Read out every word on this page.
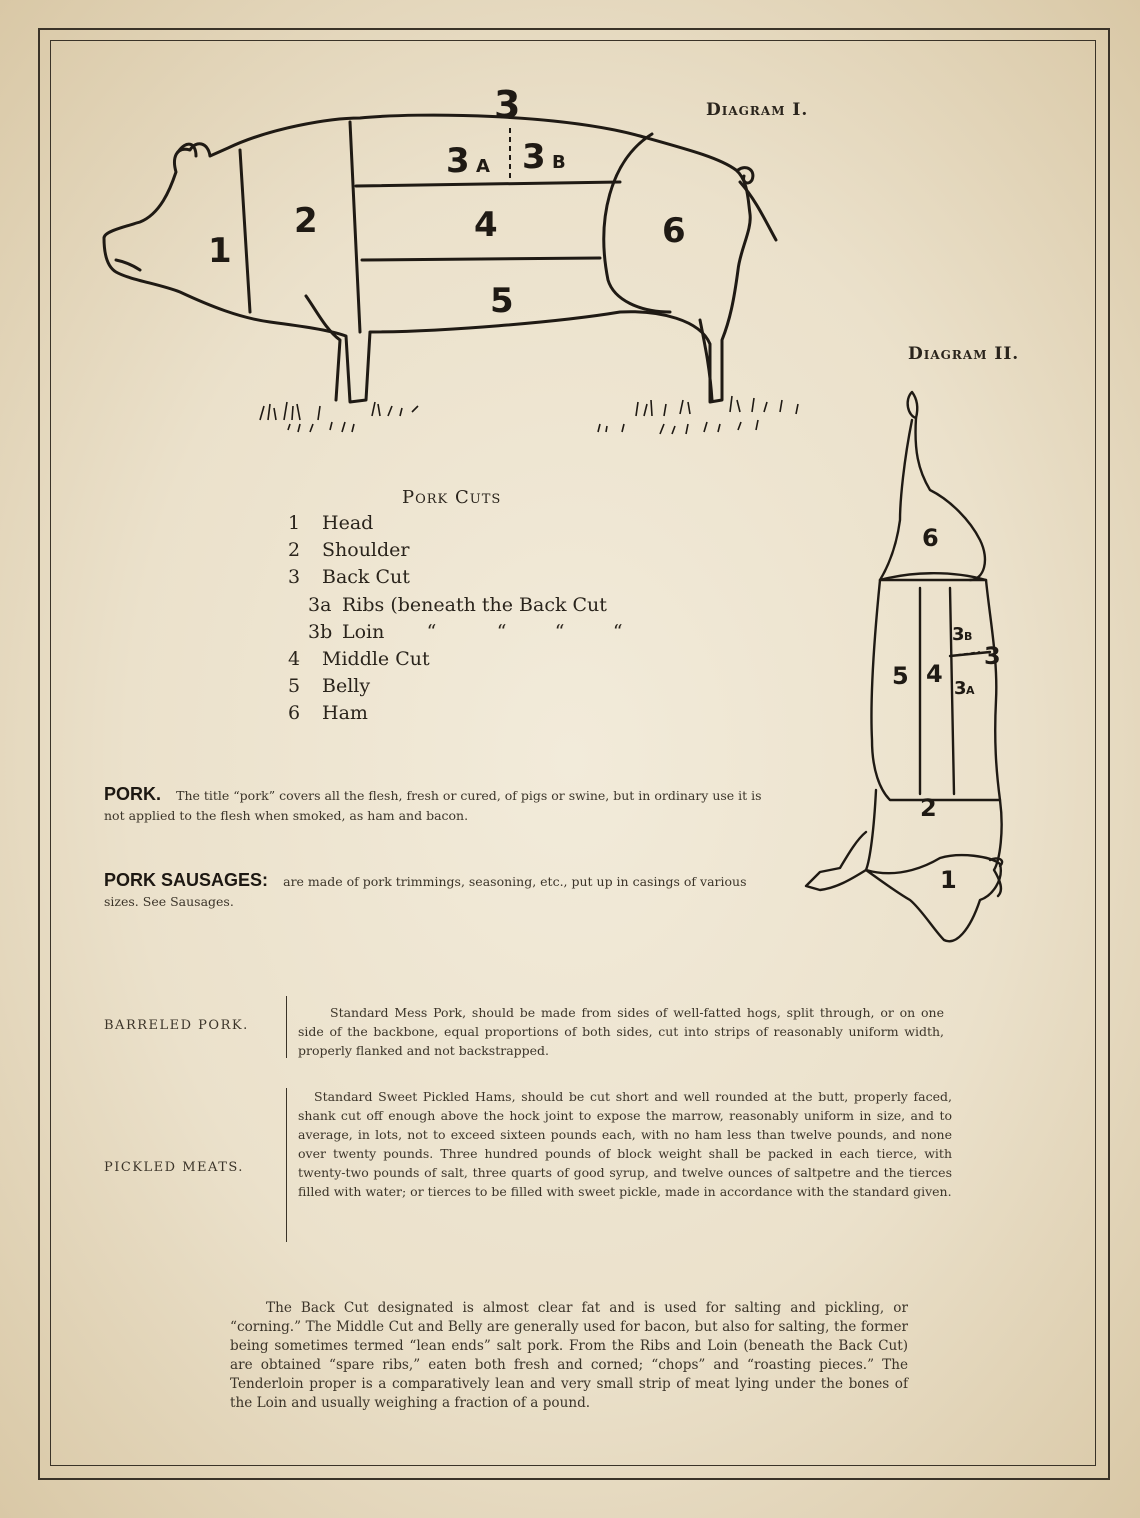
Diagram I.
Diagram II.
3
3 A 3 B
1
2	4
5
6
6
5 4
3 B
3 A
3
2
1
Pork Cuts
1 Head
2 Shoulder
3 Back Cut
3a Ribs (beneath the Back Cut
3b Loin       “          “        “        “
4 Middle Cut
5 Belly
6 Ham
PORK. The title “pork” covers all the flesh, fresh or cured, of pigs or swine, but in ordinary use it is not applied to the flesh when smoked, as ham and bacon.
PORK SAUSAGES: are made of pork trimmings, seasoning, etc., put up in casings of various sizes. See Sausages.
BARRELED PORK.
Standard Mess Pork, should be made from sides of well-fatted hogs, split through, or on one side of the backbone, equal proportions of both sides, cut into strips of reasonably uniform width, properly flanked and not backstrapped.
PICKLED MEATS.
Standard Sweet Pickled Hams, should be cut short and well rounded at the butt, properly faced, shank cut off enough above the hock joint to expose the marrow, reasonably uniform in size, and to average, in lots, not to exceed sixteen pounds each, with no ham less than twelve pounds, and none over twenty pounds. Three hundred pounds of block weight shall be packed in each tierce, with twenty-two pounds of salt, three quarts of good syrup, and twelve ounces of saltpetre and the tierces filled with water; or tierces to be filled with sweet pickle, made in accordance with the standard given.
The Back Cut designated is almost clear fat and is used for salting and pickling, or “corning.” The Middle Cut and Belly are generally used for bacon, but also for salting, the former being sometimes termed “lean ends” salt pork. From the Ribs and Loin (beneath the Back Cut) are obtained “spare ribs,” eaten both fresh and corned; “chops” and “roasting pieces.” The Tenderloin proper is a comparatively lean and very small strip of meat lying under the bones of the Loin and usually weighing a fraction of a pound.
